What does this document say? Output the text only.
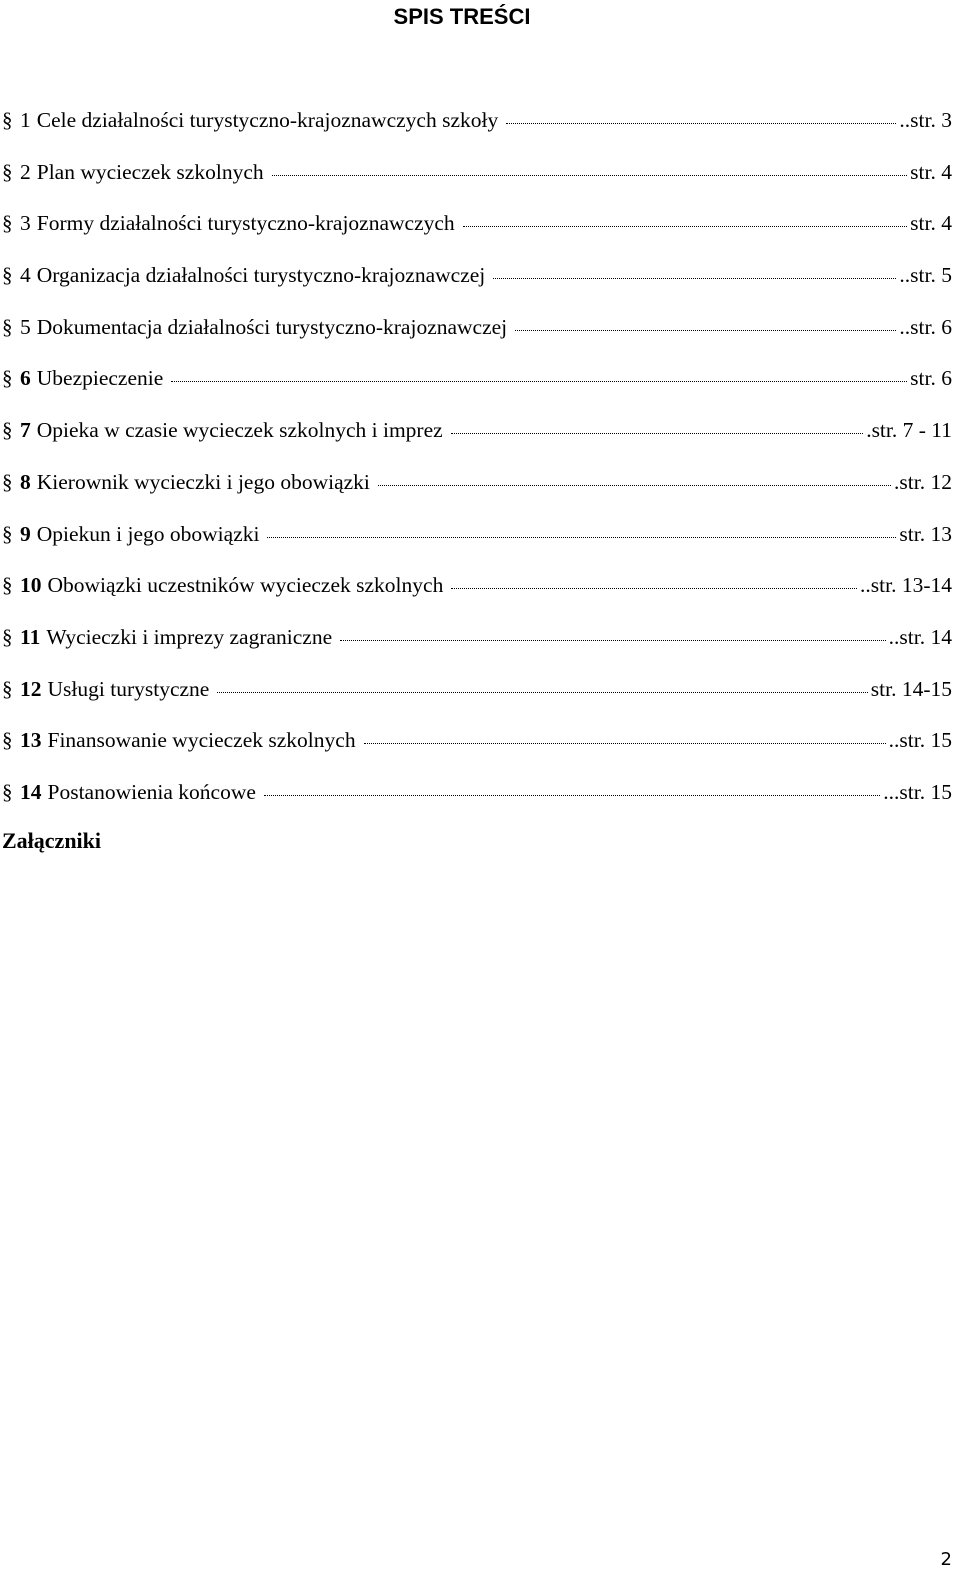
SPIS TREŚCI
§ 1 Cele działalności turystyczno-krajoznawczych szkoły	..str. 3
§ 2 Plan wycieczek szkolnych	str. 4
§ 3 Formy działalności turystyczno-krajoznawczych	str. 4
§ 4 Organizacja działalności turystyczno-krajoznawczej	..str. 5
§ 5 Dokumentacja działalności turystyczno-krajoznawczej	..str. 6
§ 6 Ubezpieczenie	str. 6
§ 7 Opieka w czasie wycieczek szkolnych i imprez	.str. 7 - 11
§ 8 Kierownik wycieczki i jego obowiązki	.str. 12
§ 9 Opiekun i jego obowiązki	str. 13
§ 10 Obowiązki uczestników wycieczek szkolnych	..str. 13-14
§ 11 Wycieczki i imprezy zagraniczne	..str. 14
§ 12 Usługi turystyczne	str. 14-15
§ 13 Finansowanie wycieczek szkolnych	..str. 15
§ 14 Postanowienia końcowe	...str. 15
Załączniki
2
